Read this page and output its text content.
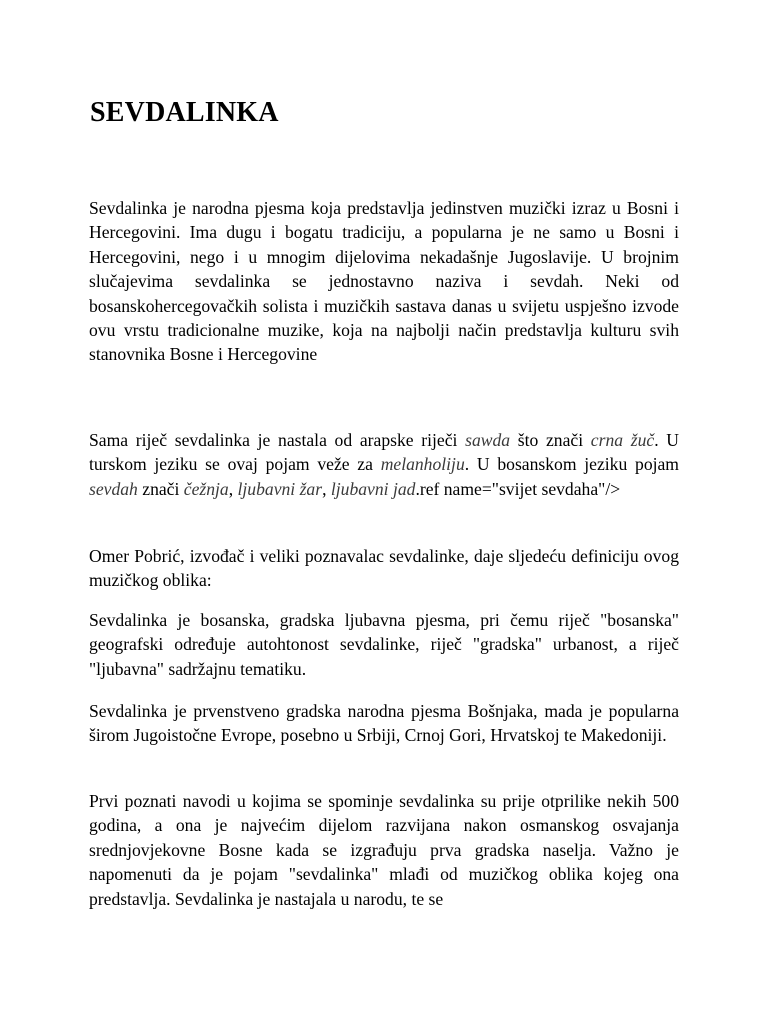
SEVDALINKA

Sevdalinka je narodna pjesma koja predstavlja jedinstven muzički izraz u Bosni i Hercegovini. Ima dugu i bogatu tradiciju, a popularna je ne samo u Bosni i Hercegovini, nego i u mnogim dijelovima nekadašnje Jugoslavije. U brojnim slučajevima sevdalinka se jednostavno naziva i sevdah. Neki od bosanskohercegovačkih solista i muzičkih sastava danas u svijetu uspješno izvode ovu vrstu tradicionalne muzike, koja na najbolji način predstavlja kulturu svih stanovnika Bosne i Hercegovine

Sama riječ sevdalinka je nastala od arapske riječi sawda što znači crna žuč. U turskom jeziku se ovaj pojam veže za melanholiju. U bosanskom jeziku pojam sevdah znači čežnja, ljubavni žar, ljubavni jad.ref name="svijet sevdaha"/>

Omer Pobrić, izvođač i veliki poznavalac sevdalinke, daje sljedeću definiciju ovog muzičkog oblika:

Sevdalinka je bosanska, gradska ljubavna pjesma, pri čemu riječ "bosanska" geografski određuje autohtonost sevdalinke, riječ "gradska" urbanost, a riječ "ljubavna" sadržajnu tematiku.

Sevdalinka je prvenstveno gradska narodna pjesma Bošnjaka, mada je popularna širom Jugoistočne Evrope, posebno u Srbiji, Crnoj Gori, Hrvatskoj te Makedoniji.

Prvi poznati navodi u kojima se spominje sevdalinka su prije otprilike nekih 500 godina, a ona je najvećim dijelom razvijana nakon osmanskog osvajanja srednjovjekovne Bosne kada se izgrađuju prva gradska naselja. Važno je napomenuti da je pojam "sevdalinka" mlađi od muzičkog oblika kojeg ona predstavlja. Sevdalinka je nastajala u narodu, te se
